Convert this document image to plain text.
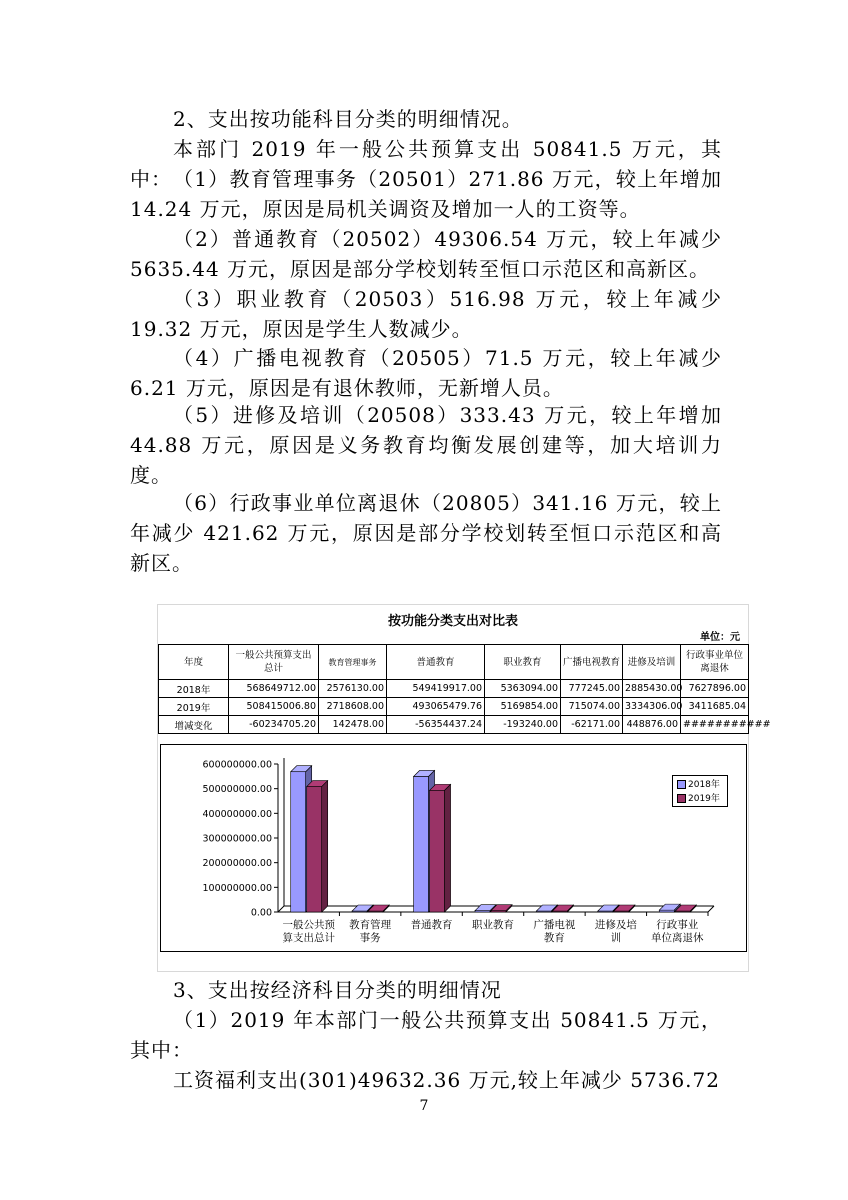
2、支出按功能科目分类的明细情况。

本部门 2019 年一般公共预算支出 50841.5 万元，其中： （1）教育管理事务（20501）271.86 万元，较上年增加 14.24 万元，原因是局机关调资及增加一人的工资等。

（2）普通教育（20502）49306.54 万元，较上年减少 5635.44 万元，原因是部分学校划转至恒口示范区和高新区。

（3）职业教育（20503）516.98 万元，较上年减少 19.32 万元，原因是学生人数减少。

（4）广播电视教育（20505）71.5 万元，较上年减少 6.21 万元，原因是有退休教师，无新增人员。

（5）进修及培训（20508）333.43 万元，较上年增加 44.88 万元，原因是义务教育均衡发展创建等，加大培训力度。

（6）行政事业单位离退休（20805）341.16 万元，较上年减少 421.62 万元，原因是部分学校划转至恒口示范区和高新区。

按功能分类支出对比表
单位：元
年度	一般公共预算支出总计	教育管理事务	普通教育	职业教育	广播电视教育	进修及培训	行政事业单位离退休
2018年	568649712.00	2576130.00	549419917.00	5363094.00	777245.00	2885430.00	7627896.00
2019年	508415006.80	2718608.00	493065479.76	5169854.00	715074.00	3334306.00	3411685.04
增减变化	-60234705.20	142478.00	-56354437.24	-193240.00	-62171.00	448876.00	###########
0.00
100000000.00
200000000.00
300000000.00
400000000.00
500000000.00
600000000.00
一般公共预
算支出总计
教育管理
事务
普通教育 职业教育 广播电视
教育
进修及培
训
行政事业
单位离退休
2018年
2019年

3、支出按经济科目分类的明细情况

（1）2019 年本部门一般公共预算支出 50841.5 万元，其中：

工资福利支出(301)49632.36 万元,较上年减少 5736.72

7
